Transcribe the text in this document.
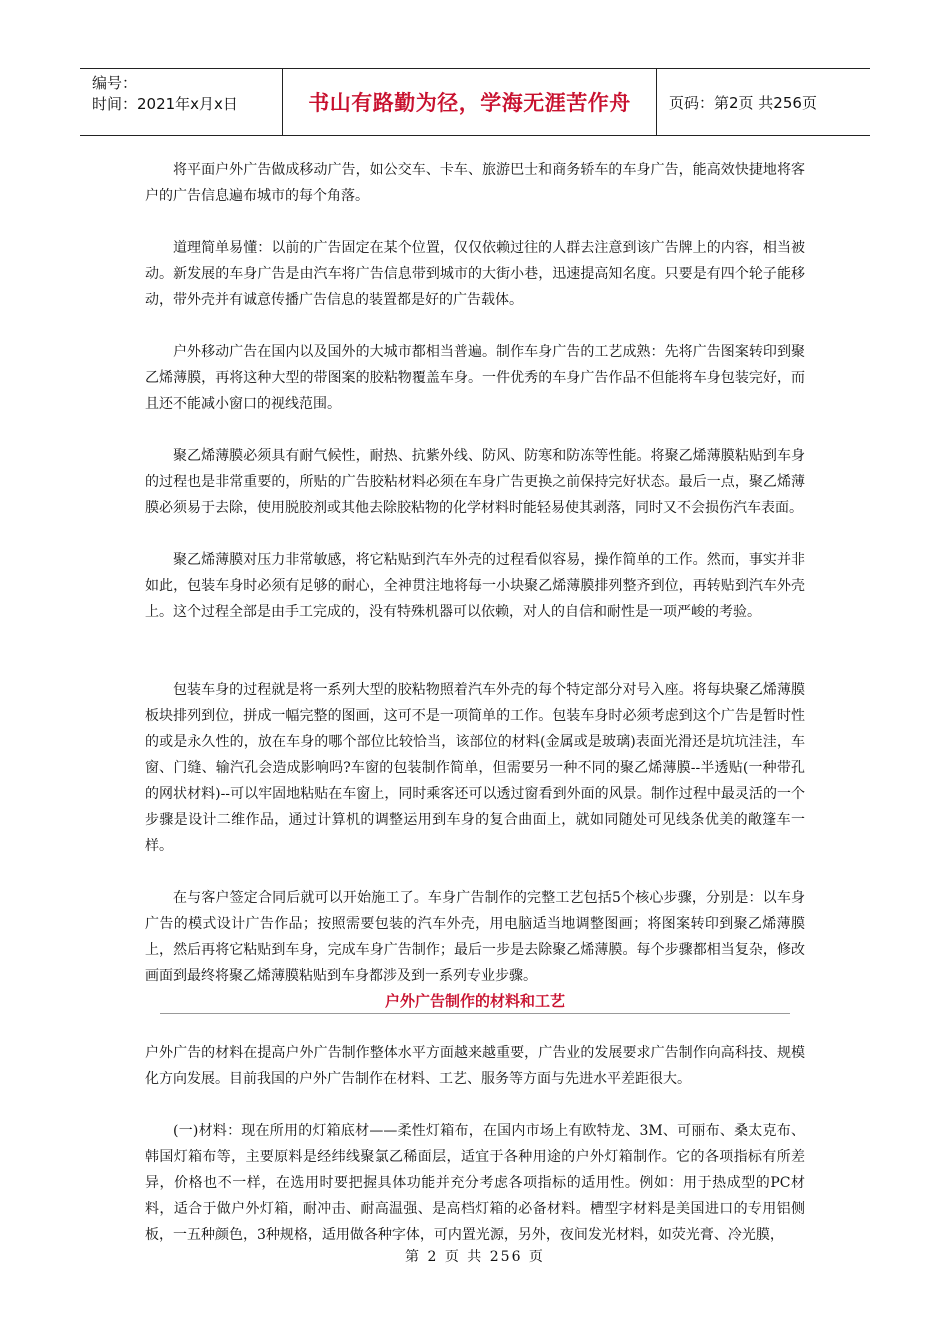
编号：
时间：2021年x月x日	书山有路勤为径，学海无涯苦作舟	页码：第2页 共256页

将平面户外广告做成移动广告，如公交车、卡车、旅游巴士和商务轿车的车身广告，能高效快捷地将客户的广告信息遍布城市的每个角落。

道理简单易懂：以前的广告固定在某个位置，仅仅依赖过往的人群去注意到该广告牌上的内容，相当被动。新发展的车身广告是由汽车将广告信息带到城市的大街小巷，迅速提高知名度。只要是有四个轮子能移动，带外壳并有诚意传播广告信息的装置都是好的广告载体。

户外移动广告在国内以及国外的大城市都相当普遍。制作车身广告的工艺成熟：先将广告图案转印到聚乙烯薄膜，再将这种大型的带图案的胶粘物覆盖车身。一件优秀的车身广告作品不但能将车身包装完好，而且还不能减小窗口的视线范围。

聚乙烯薄膜必须具有耐气候性，耐热、抗紫外线、防风、防寒和防冻等性能。将聚乙烯薄膜粘贴到车身的过程也是非常重要的，所贴的广告胶粘材料必须在车身广告更换之前保持完好状态。最后一点，聚乙烯薄膜必须易于去除，使用脱胶剂或其他去除胶粘物的化学材料时能轻易使其剥落，同时又不会损伤汽车表面。

聚乙烯薄膜对压力非常敏感，将它粘贴到汽车外壳的过程看似容易，操作简单的工作。然而，事实并非如此，包装车身时必须有足够的耐心，全神贯注地将每一小块聚乙烯薄膜排列整齐到位，再转贴到汽车外壳上。这个过程全部是由手工完成的，没有特殊机器可以依赖，对人的自信和耐性是一项严峻的考验。

包装车身的过程就是将一系列大型的胶粘物照着汽车外壳的每个特定部分对号入座。将每块聚乙烯薄膜板块排列到位，拼成一幅完整的图画，这可不是一项简单的工作。包装车身时必须考虑到这个广告是暂时性的或是永久性的，放在车身的哪个部位比较恰当，该部位的材料(金属或是玻璃)表面光滑还是坑坑洼洼，车窗、门缝、输汽孔会造成影响吗?车窗的包装制作简单，但需要另一种不同的聚乙烯薄膜--半透贴(一种带孔的网状材料)--可以牢固地粘贴在车窗上，同时乘客还可以透过窗看到外面的风景。制作过程中最灵活的一个步骤是设计二维作品，通过计算机的调整运用到车身的复合曲面上，就如同随处可见线条优美的敞篷车一样。

在与客户签定合同后就可以开始施工了。车身广告制作的完整工艺包括5个核心步骤，分别是：以车身广告的模式设计广告作品；按照需要包装的汽车外壳，用电脑适当地调整图画；将图案转印到聚乙烯薄膜上，然后再将它粘贴到车身，完成车身广告制作；最后一步是去除聚乙烯薄膜。每个步骤都相当复杂，修改画面到最终将聚乙烯薄膜粘贴到车身都涉及到一系列专业步骤。

户外广告制作的材料和工艺

户外广告的材料在提高户外广告制作整体水平方面越来越重要，广告业的发展要求广告制作向高科技、规模化方向发展。目前我国的户外广告制作在材料、工艺、服务等方面与先进水平差距很大。

(一)材料：现在所用的灯箱底材——柔性灯箱布，在国内市场上有欧特龙、3M、可丽布、桑太克布、韩国灯箱布等，主要原料是经纬线聚氯乙稀面层，适宜于各种用途的户外灯箱制作。它的各项指标有所差异，价格也不一样，在选用时要把握具体功能并充分考虑各项指标的适用性。例如：用于热成型的PC材料，适合于做户外灯箱，耐冲击、耐高温强、是高档灯箱的必备材料。槽型字材料是美国进口的专用铝侧板，一五种颜色，3种规格，适用做各种字体，可内置光源，另外，夜间发光材料，如荧光膏、冷光膜，

第 2 页 共 256 页
